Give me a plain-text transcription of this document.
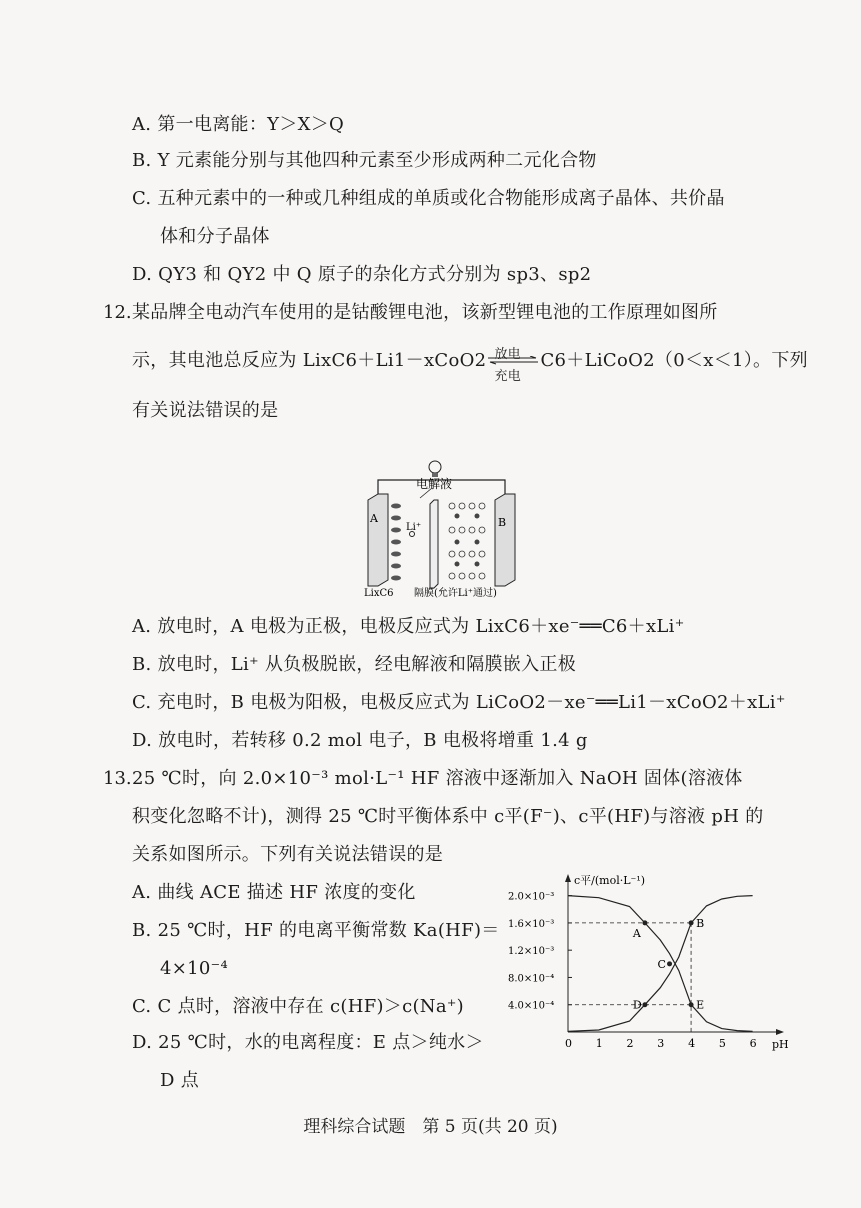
A. 第一电离能：Y＞X＞Q
B. Y 元素能分别与其他四种元素至少形成两种二元化合物
C. 五种元素中的一种或几种组成的单质或化合物能形成离子晶体、共价晶
体和分子晶体
D. QY3 和 QY2 中 Q 原子的杂化方式分别为 sp3、sp2
12. 某品牌全电动汽车使用的是钴酸锂电池，该新型锂电池的工作原理如图所
示，其电池总反应为 LixC6＋Li1－xCoO2 放电
充电
C6＋LiCoO2（0＜x＜1）。下列
有关说法错误的是
电解液
A	B
Li⁺
LixC6 隔膜(允许Li⁺通过)
A. 放电时，A 电极为正极，电极反应式为 LixC6＋xe⁻══C6＋xLi⁺
B. 放电时，Li⁺ 从负极脱嵌，经电解液和隔膜嵌入正极
C. 充电时，B 电极为阳极，电极反应式为 LiCoO2－xe⁻══Li1－xCoO2＋xLi⁺
D. 放电时，若转移 0.2 mol 电子，B 电极将增重 1.4 g
13. 25 ℃时，向 2.0×10⁻³ mol·L⁻¹ HF 溶液中逐渐加入 NaOH 固体(溶液体
积变化忽略不计)，测得 25 ℃时平衡体系中 c平(F⁻)、c平(HF)与溶液 pH 的
关系如图所示。下列有关说法错误的是
A. 曲线 ACE 描述 HF 浓度的变化
B. 25 ℃时，HF 的电离平衡常数 Ka(HF)＝
4×10⁻⁴
C. C 点时，溶液中存在 c(HF)＞c(Na⁺)
D. 25 ℃时，水的电离程度：E 点＞纯水＞
D 点
c平/(mol·L⁻¹)
pH
0 1 2 3 4 5 6
2.0×10⁻³
1.6×10⁻³
1.2×10⁻³
8.0×10⁻⁴
4.0×10⁻⁴
A
B
C
D	E
理科综合试题　第 5 页(共 20 页)
